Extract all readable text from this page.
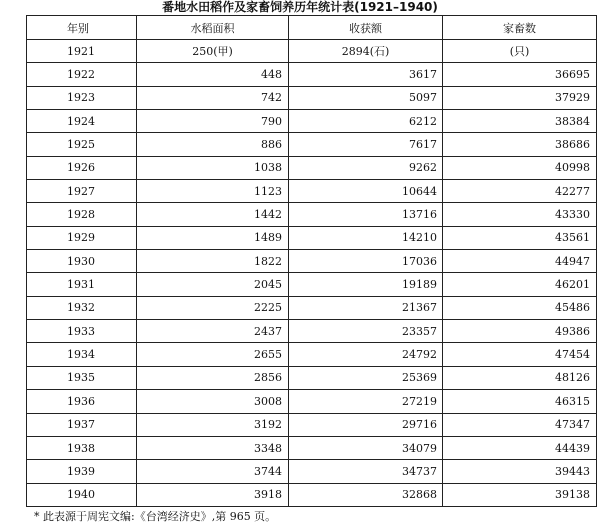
番地水田稻作及家畜饲养历年统计表(1921–1940)
年别	水稻面积	收获额	家畜数
1921	250(甲)	2894(石)	(只)
1922	448	3617	36695
1923	742	5097	37929
1924	790	6212	38384
1925	886	7617	38686
1926	1038	9262	40998
1927	1123	10644	42277
1928	1442	13716	43330
1929	1489	14210	43561
1930	1822	17036	44947
1931	2045	19189	46201
1932	2225	21367	45486
1933	2437	23357	49386
1934	2655	24792	47454
1935	2856	25369	48126
1936	3008	27219	46315
1937	3192	29716	47347
1938	3348	34079	44439
1939	3744	34737	39443
1940	3918	32868	39138
* 此表源于周宪文编:《台湾经济史》,第 965 页。
